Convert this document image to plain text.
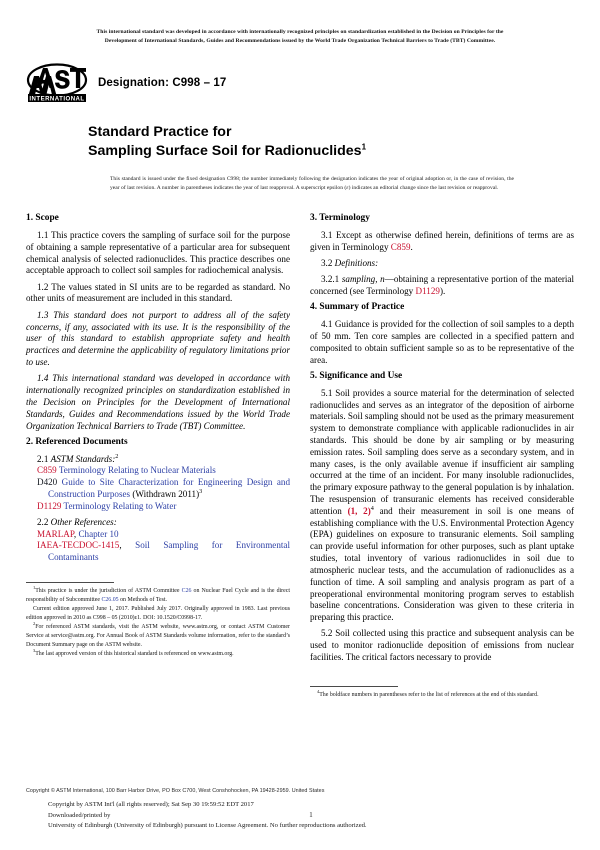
This international standard was developed in accordance with internationally recognized principles on standardization established in the Decision on Principles for the

Development of International Standards, Guides and Recommendations issued by the World Trade Organization Technical Barriers to Trade (TBT) Committee.

INTERNATIONAL
Designation: C998 – 17
Standard Practice for
Sampling Surface Soil for Radionuclides$^1$

This standard is issued under the fixed designation C998; the number immediately following the designation indicates the year of original adoption or, in the case of revision, the year of last revision. A number in parentheses indicates the year of last reapproval. A superscript epsilon (ε) indicates an editorial change since the last revision or reapproval.

1. Scope

1.1 This practice covers the sampling of surface soil for the purpose of obtaining a sample representative of a particular area for subsequent chemical analysis of selected radionuclides. This practice describes one acceptable approach to collect soil samples for radiochemical analysis.

1.2 The values stated in SI units are to be regarded as standard. No other units of measurement are included in this standard.

1.3 This standard does not purport to address all of the safety concerns, if any, associated with its use. It is the responsibility of the user of this standard to establish appropriate safety and health practices and determine the applicability of regulatory limitations prior to use.

1.4 This international standard was developed in accordance with internationally recognized principles on standardization established in the Decision on Principles for the Development of International Standards, Guides and Recommendations issued by the World Trade Organization Technical Barriers to Trade (TBT) Committee.

2. Referenced Documents

2.1 ASTM Standards:$^2$

C859 Terminology Relating to Nuclear Materials

D420 Guide to Site Characterization for Engineering Design and Construction Purposes (Withdrawn 2011)$^3$

D1129 Terminology Relating to Water

2.2 Other References:

MARLAP, Chapter 10

IAEA-TECDOC-1415, Soil Sampling for Environmental Contaminants

$^1$This practice is under the jurisdiction of ASTM Committee C26 on Nuclear Fuel Cycle and is the direct responsibility of Subcommittee C26.05 on Methods of Test.

Current edition approved June 1, 2017. Published July 2017. Originally approved in 1983. Last previous edition approved in 2010 as C998 – 05 (2010)ε1. DOI: 10.1520/C0998-17.

$^2$For referenced ASTM standards, visit the ASTM website, www.astm.org, or contact ASTM Customer Service at service@astm.org. For Annual Book of ASTM Standards volume information, refer to the standard’s Document Summary page on the ASTM website.

$^3$The last approved version of this historical standard is referenced on www.astm.org.

3. Terminology

3.1 Except as otherwise defined herein, definitions of terms are as given in Terminology C859.

3.2 Definitions:

3.2.1 sampling, n—obtaining a representative portion of the material concerned (see Terminology D1129).

4. Summary of Practice

4.1 Guidance is provided for the collection of soil samples to a depth of 50 mm. Ten core samples are collected in a specified pattern and composited to obtain sufficient sample so as to be representative of the area.

5. Significance and Use

5.1 Soil provides a source material for the determination of selected radionuclides and serves as an integrator of the deposition of airborne materials. Soil sampling should not be used as the primary measurement system to demonstrate compliance with applicable radionuclides in air standards. This should be done by air sampling or by measuring emission rates. Soil sampling does serve as a secondary system, and in many cases, is the only available avenue if insufficient air sampling occurred at the time of an incident. For many insoluble radionuclides, the primary exposure pathway to the general population is by inhalation. The resuspension of transuranic elements has received considerable attention (1, 2)$^4$ and their measurement in soil is one means of establishing compliance with the U.S. Environmental Protection Agency (EPA) guidelines on exposure to transuranic elements. Soil sampling can provide useful information for other purposes, such as plant uptake studies, total inventory of various radionuclides in soil due to atmospheric nuclear tests, and the accumulation of radionuclides as a function of time. A soil sampling and analysis program as part of a preoperational environmental monitoring program serves to establish baseline concentrations. Consideration was given to these criteria in preparing this practice.

5.2 Soil collected using this practice and subsequent analysis can be used to monitor radionuclide deposition of emissions from nuclear facilities. The critical factors necessary to provide

$^4$The boldface numbers in parentheses refer to the list of references at the end of this standard.

Copyright © ASTM International, 100 Barr Harbor Drive, PO Box C700, West Conshohocken, PA 19428-2959. United States

Copyright by ASTM Int'l (all rights reserved); Sat Sep 30 19:59:52 EDT 2017
Downloaded/printed by
University of Edinburgh (University of Edinburgh) pursuant to License Agreement. No further reproductions authorized.
1
